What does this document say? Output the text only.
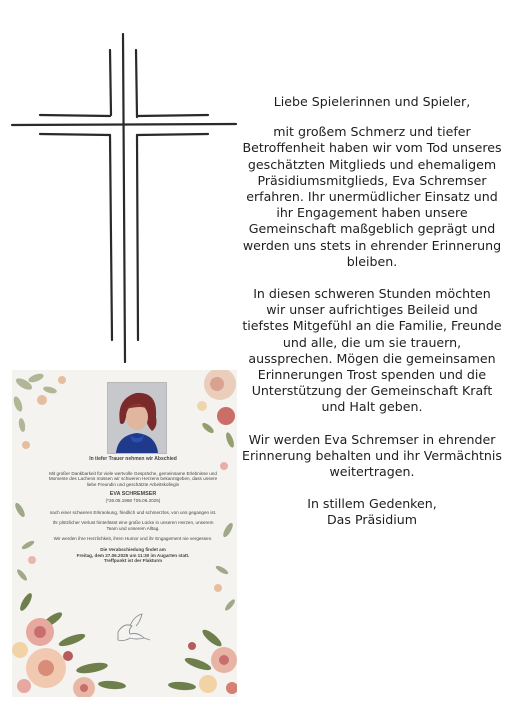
Liebe Spielerinnen und Spieler,

mit großem Schmerz und tiefer Betroffenheit haben wir vom Tod unseres geschätzten Mitglieds und ehemaligem Präsidiumsmitglieds, Eva Schremser erfahren. Ihr unermüdlicher Einsatz und ihr Engagement haben unsere Gemeinschaft maßgeblich geprägt und werden uns stets in ehrender Erinnerung bleiben.

In diesen schweren Stunden möchten wir unser aufrichtiges Beileid und tiefstes Mitgefühl an die Familie, Freunde und alle, die um sie trauern, aussprechen. Mögen die gemeinsamen Erinnerungen Trost spenden und die Unterstützung der Gemeinschaft Kraft und Halt geben.

Wir werden Eva Schremser in ehrender Erinnerung behalten und ihr Vermächtnis weitertragen.

In stillem Gedenken,

Das Präsidium

In tiefer Trauer nehmen wir Abschied

Mit großer Dankbarkeit für viele wertvolle Gespräche, gemeinsame Erlebnisse und Momente des Lachens müssen wir schweren Herzens bekanntgeben, dass unsere liebe Freundin und geschätzte Arbeitskollegin

EVA SCHREMSER

(*26.05.1968 †05.06.2025)

nach einer schweren Erkrankung, friedlich und schmerzlos, von uns gegangen ist.

Ihr plötzlicher Verlust hinterlässt eine große Lücke in unseren Herzen, unserem Team und unserem Alltag.

Wir werden ihre Herzlichkeit, ihren Humor und ihr Engagement nie vergessen.

Die Verabschiedung findet am
Freitag, dem 27.06.2025 um 11:30 im Augarten statt.
Treffpunkt ist der Flakturm
